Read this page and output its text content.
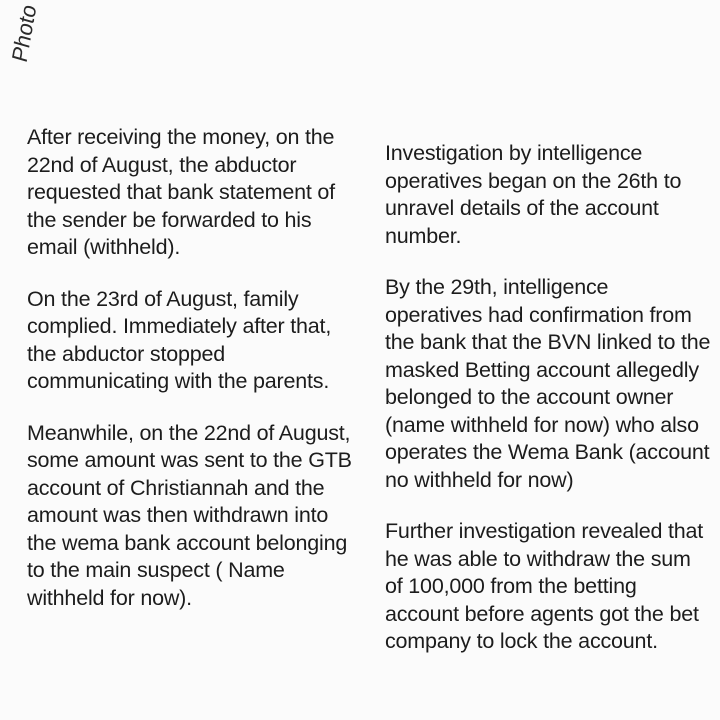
Photo

After receiving the money, on the 22nd of August, the abductor requested that bank statement of the sender be forwarded to his email (withheld).

On the 23rd of August, family complied. Immediately after that, the abductor stopped communicating with the parents.

Meanwhile, on the 22nd of August, some amount was sent to the GTB account of Christiannah and the amount was then withdrawn into the wema bank account belonging to the main suspect ( Name withheld for now).

Investigation by intelligence operatives began on the 26th to unravel details of the account number.

By the 29th, intelligence operatives had confirmation from the bank that the BVN linked to the masked Betting account allegedly belonged to the account owner (name withheld for now) who also operates the Wema Bank (account no withheld for now)

Further investigation revealed that he was able to withdraw the sum of 100,000 from the betting account before agents got the bet company to lock the account.
